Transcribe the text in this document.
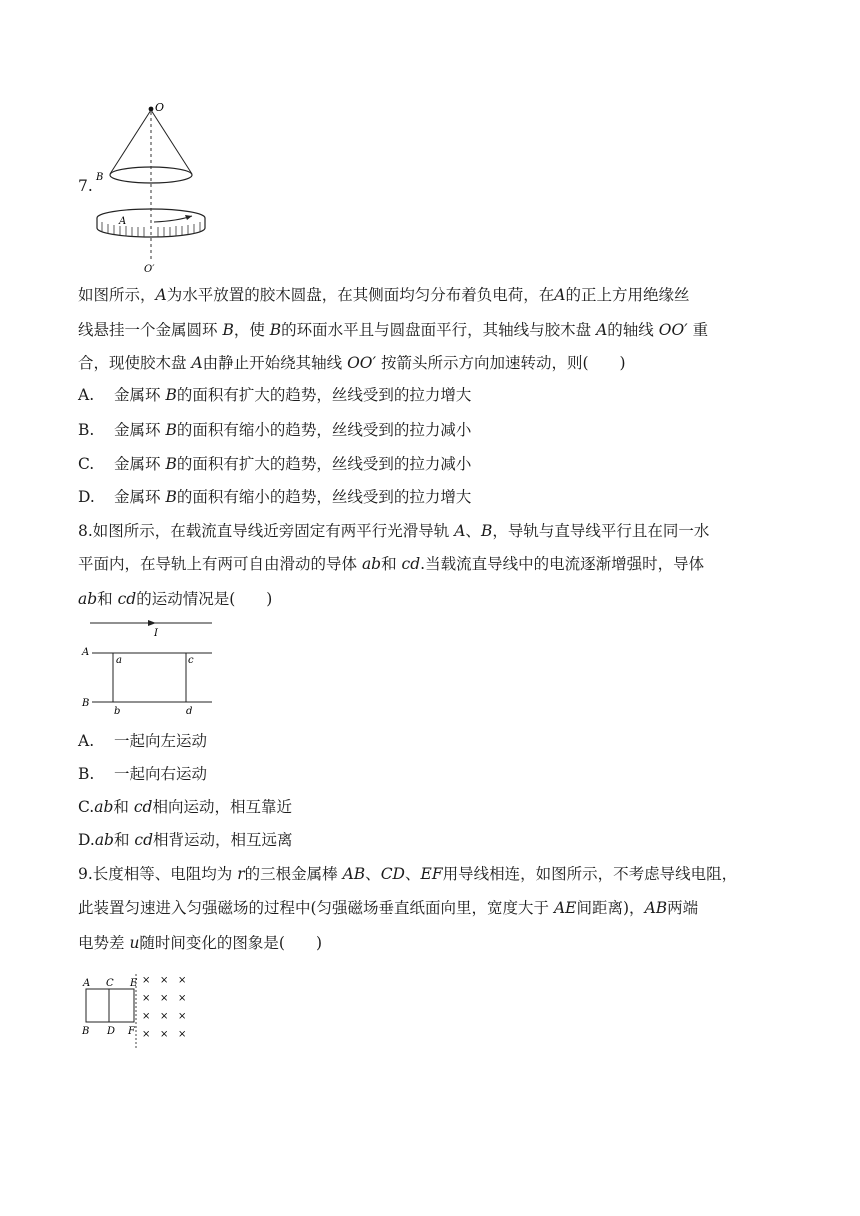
7.
O
B
A
O′
如图所示，A为水平放置的胶木圆盘，在其侧面均匀分布着负电荷，在A的正上方用绝缘丝
线悬挂一个金属圆环 B，使 B的环面水平且与圆盘面平行，其轴线与胶木盘 A的轴线 OO′ 重
合，现使胶木盘 A由静止开始绕其轴线 OO′ 按箭头所示方向加速转动，则(　　)
A. 金属环 B的面积有扩大的趋势，丝线受到的拉力增大
B. 金属环 B的面积有缩小的趋势，丝线受到的拉力减小
C. 金属环 B的面积有扩大的趋势，丝线受到的拉力减小
D. 金属环 B的面积有缩小的趋势，丝线受到的拉力增大
8.如图所示，在载流直导线近旁固定有两平行光滑导轨 A、B，导轨与直导线平行且在同一水
平面内，在导轨上有两可自由滑动的导体 ab和 cd.当载流直导线中的电流逐渐增强时，导体
ab和 cd的运动情况是(　　)
I
A
B
a
b
c
d
A. 一起向左运动
B. 一起向右运动
C.ab和 cd相向运动，相互靠近
D.ab和 cd相背运动，相互远离
9.长度相等、电阻均为 r的三根金属棒 AB、CD、EF用导线相连，如图所示，不考虑导线电阻，
此装置匀速进入匀强磁场的过程中(匀强磁场垂直纸面向里，宽度大于 AE间距离)，AB两端
电势差 u随时间变化的图象是(　　)
A C E
B D F
× × ×
× × ×
× × ×
× × ×
